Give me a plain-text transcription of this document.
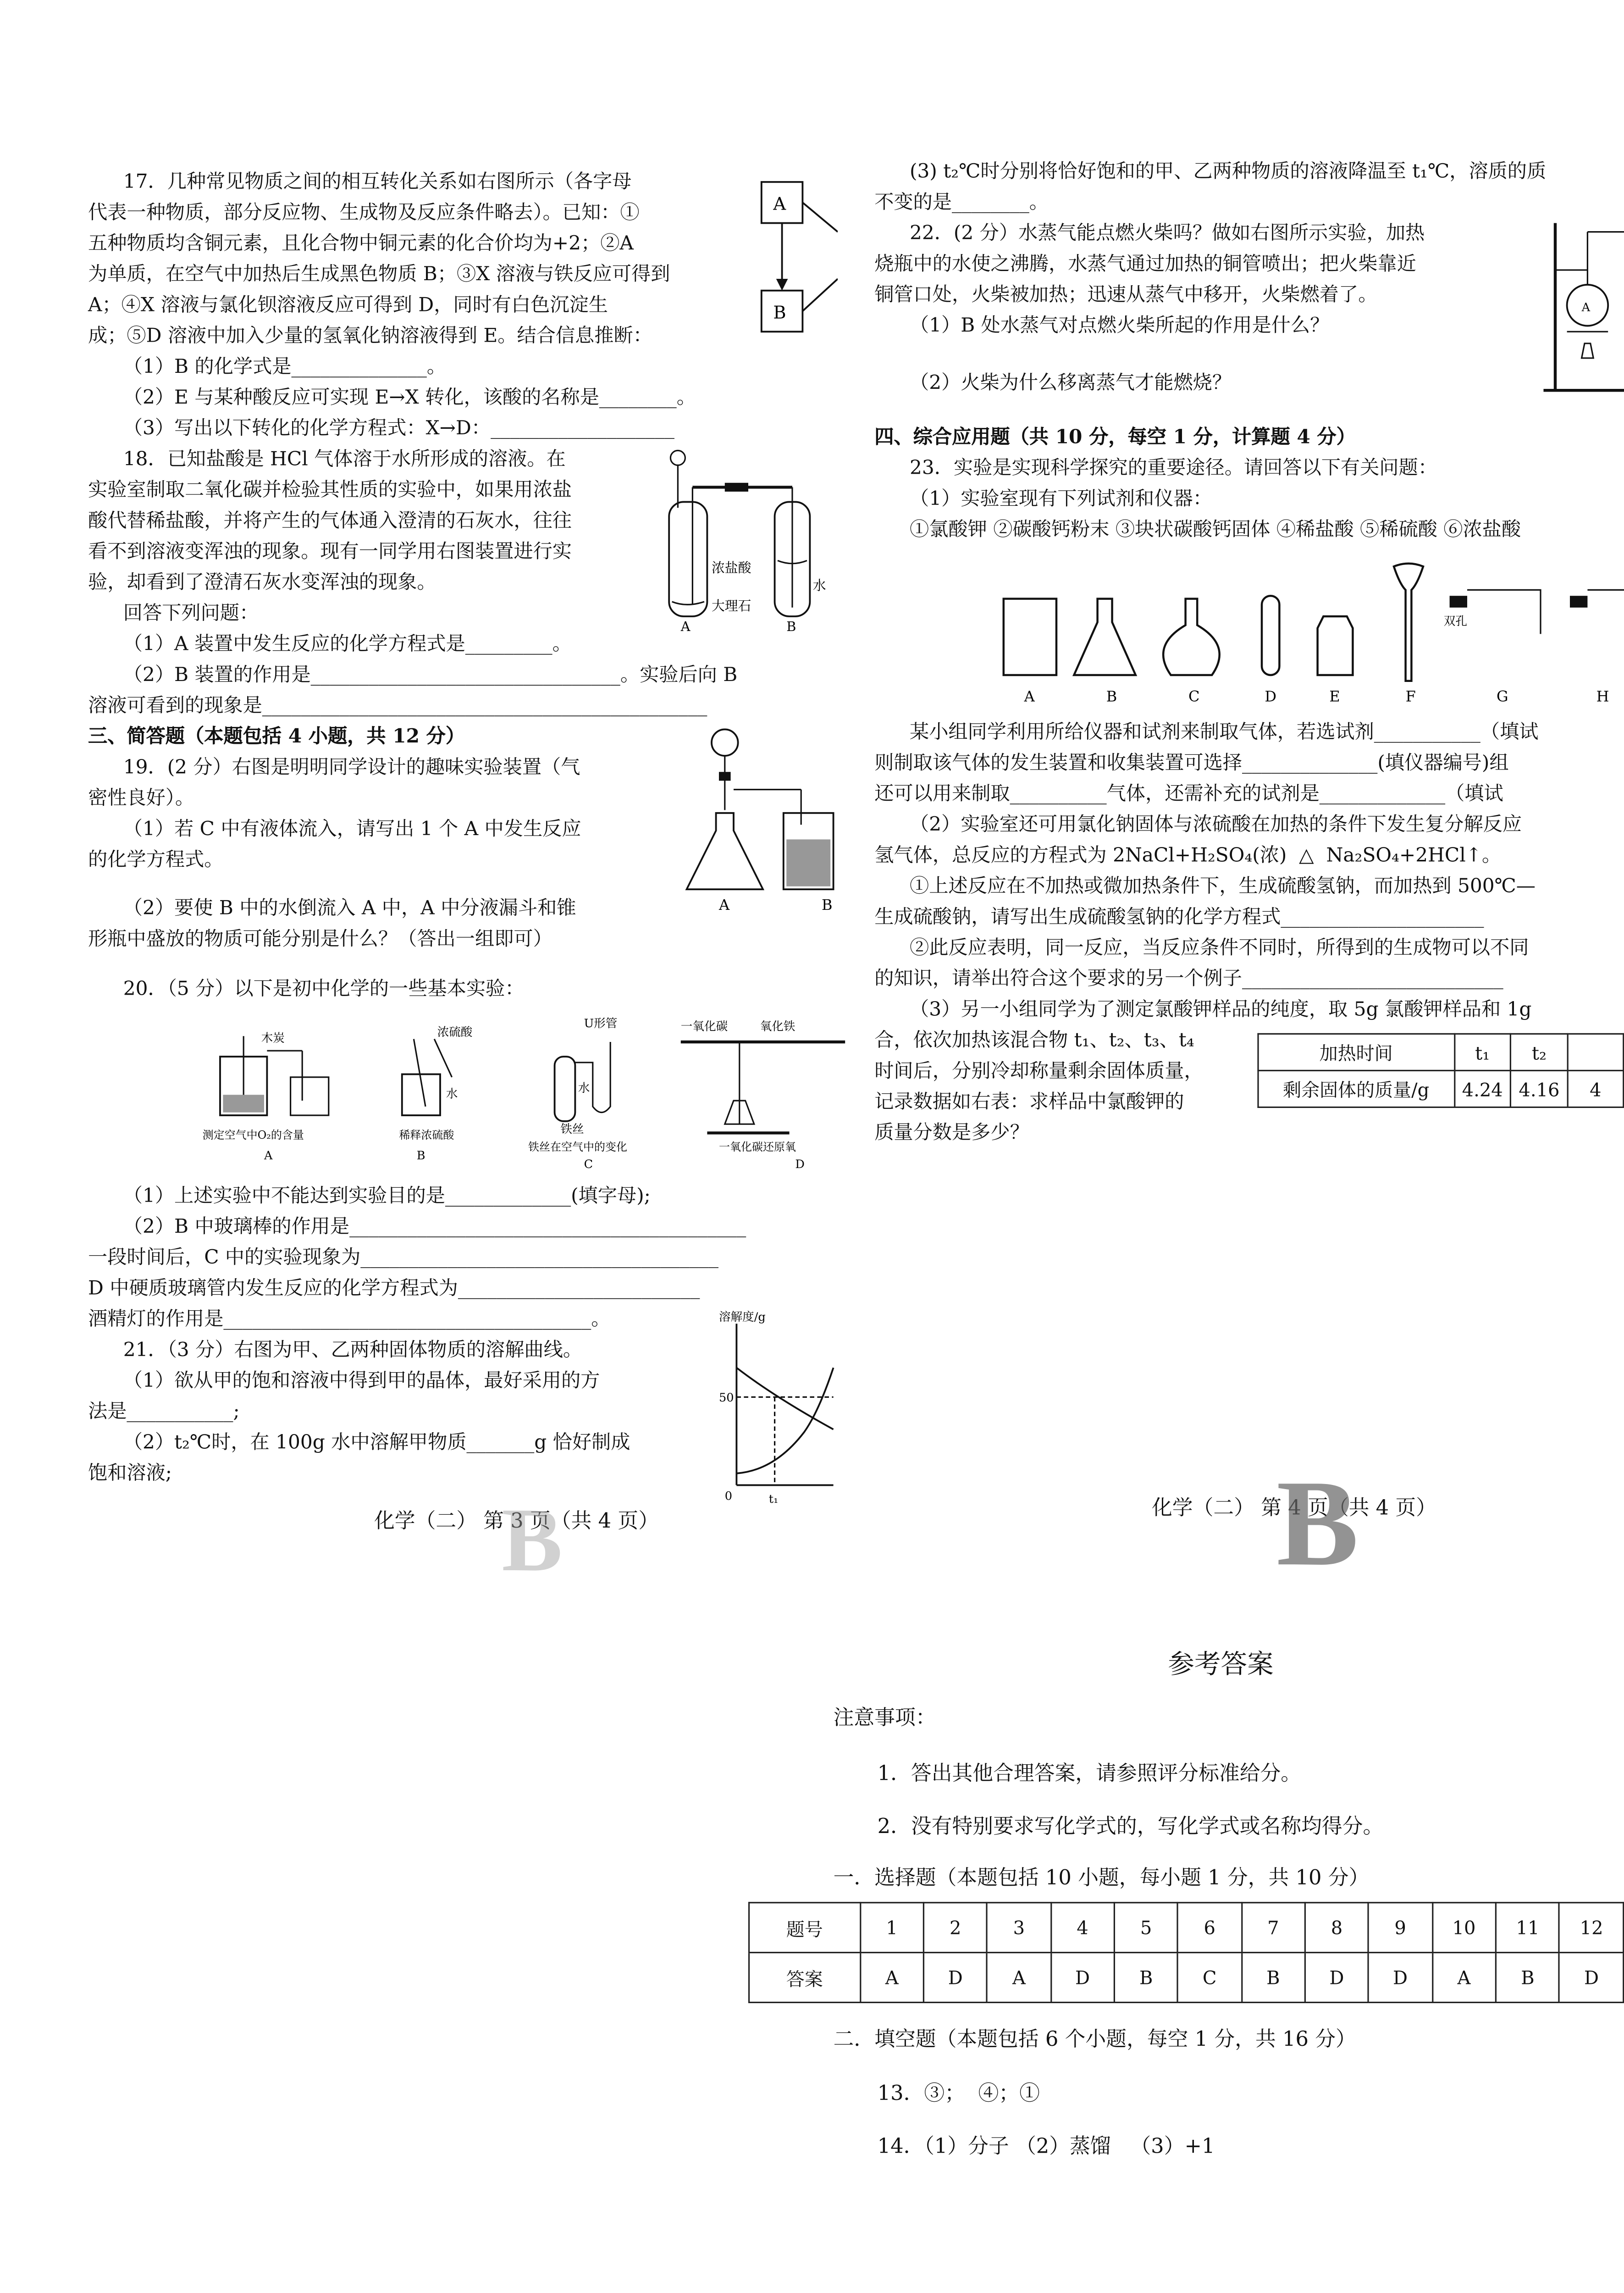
17．几种常见物质之间的相互转化关系如右图所示（各字母
代表一种物质，部分反应物、生成物及反应条件略去）。已知：①
五种物质均含铜元素，且化合物中铜元素的化合价均为+2；②A
为单质，在空气中加热后生成黑色物质 B；③X 溶液与铁反应可得到
A；④X 溶液与氯化钡溶液反应可得到 D，同时有白色沉淀生
成；⑤D 溶液中加入少量的氢氧化钠溶液得到 E。结合信息推断：
（1）B 的化学式是______________。
（2）E 与某种酸反应可实现 E→X 转化，该酸的名称是________。
（3）写出以下转化的化学方程式：X→D：___________________
A
B
18．已知盐酸是 HCl 气体溶于水所形成的溶液。在
实验室制取二氧化碳并检验其性质的实验中，如果用浓盐
酸代替稀盐酸，并将产生的气体通入澄清的石灰水，往往
看不到溶液变浑浊的现象。现有一同学用右图装置进行实
验，却看到了澄清石灰水变浑浊的现象。
回答下列问题：
（1）A 装置中发生反应的化学方程式是_________。
（2）B 装置的作用是________________________________。实验后向 B
溶液可看到的现象是______________________________________________
浓盐酸
大理石
水
A	B
三、简答题（本题包括 4 小题，共 12 分）
19．(2 分）右图是明明同学设计的趣味实验装置（气
密性良好）。
（1）若 C 中有液体流入，请写出 1 个 A 中发生反应
的化学方程式。
（2）要使 B 中的水倒流入 A 中，A 中分液漏斗和锥
形瓶中盛放的物质可能分别是什么？（答出一组即可）
A	B
20．（5 分）以下是初中化学的一些基本实验：
木炭
测定空气中O₂的含量
A
浓硫酸
水
稀释浓硫酸
B
U形管
水
铁丝
铁丝在空气中的变化
C
一氧化碳	氧化铁
一氧化碳还原氧
D
（1）上述实验中不能达到实验目的是_____________(填字母);
（2）B 中玻璃棒的作用是_________________________________________
一段时间后，C 中的实验现象为_____________________________________
D 中硬质玻璃管内发生反应的化学方程式为_________________________
酒精灯的作用是______________________________________。
21．（3 分）右图为甲、乙两种固体物质的溶解曲线。
（1）欲从甲的饱和溶液中得到甲的晶体，最好采用的方
法是___________;
（2）t₂℃时，在 100g 水中溶解甲物质_______g 恰好制成
饱和溶液;
溶解度/g
50
0	t₁
化学（二） 第 3 页（共 4 页）
B
(3) t₂℃时分别将恰好饱和的甲、乙两种物质的溶液降温至 t₁℃，溶质的质
不变的是________。
22．(2 分）水蒸气能点燃火柴吗？做如右图所示实验，加热
烧瓶中的水使之沸腾，水蒸气通过加热的铜管喷出；把火柴靠近
铜管口处，火柴被加热；迅速从蒸气中移开，火柴燃着了。
（1）B 处水蒸气对点燃火柴所起的作用是什么？
（2）火柴为什么移离蒸气才能燃烧？
A
四、综合应用题（共 10 分，每空 1 分，计算题 4 分）
23．实验是实现科学探究的重要途径。请回答以下有关问题：
（1）实验室现有下列试剂和仪器：
①氯酸钾 ②碳酸钙粉末 ③块状碳酸钙固体 ④稀盐酸 ⑤稀硫酸 ⑥浓盐酸
双孔
A	B	C	D	E	F	G	H
某小组同学利用所给仪器和试剂来制取气体，若选试剂___________（填试
则制取该气体的发生装置和收集装置可选择______________(填仪器编号)组
还可以用来制取__________气体，还需补充的试剂是_____________（填试
（2）实验室还可用氯化钠固体与浓硫酸在加热的条件下发生复分解反应
氢气体，总反应的方程式为 2NaCl+H₂SO₄(浓)  △  Na₂SO₄+2HCl↑。
①上述反应在不加热或微加热条件下，生成硫酸氢钠，而加热到 500℃—
生成硫酸钠，请写出生成硫酸氢钠的化学方程式_____________________
②此反应表明，同一反应，当反应条件不同时，所得到的生成物可以不同
的知识，请举出符合这个要求的另一个例子___________________________
（3）另一小组同学为了测定氯酸钾样品的纯度，取 5g 氯酸钾样品和 1g
合，依次加热该混合物 t₁、t₂、t₃、t₄
时间后，分别冷却称量剩余固体质量，
记录数据如右表：求样品中氯酸钾的
质量分数是多少？
加热时间	t₁	t₂	
剩余固体的质量/g	4.24	4.16	4
化学（二） 第 4 页（共 4 页）
B
参考答案
注意事项：
1．答出其他合理答案，请参照评分标准给分。
2．没有特别要求写化学式的，写化学式或名称均得分。
一．选择题（本题包括 10 小题，每小题 1 分，共 10 分）
题号	1	2	3	4	5	6	7	8	9	10	11	12
答案	A	D	A	D	B	C	B	D	D	A	B	D
二．填空题（本题包括 6 个小题，每空 1 分，共 16 分）
13．③；  ④；①
14．（1）分子 （2）蒸馏   （3）+1
